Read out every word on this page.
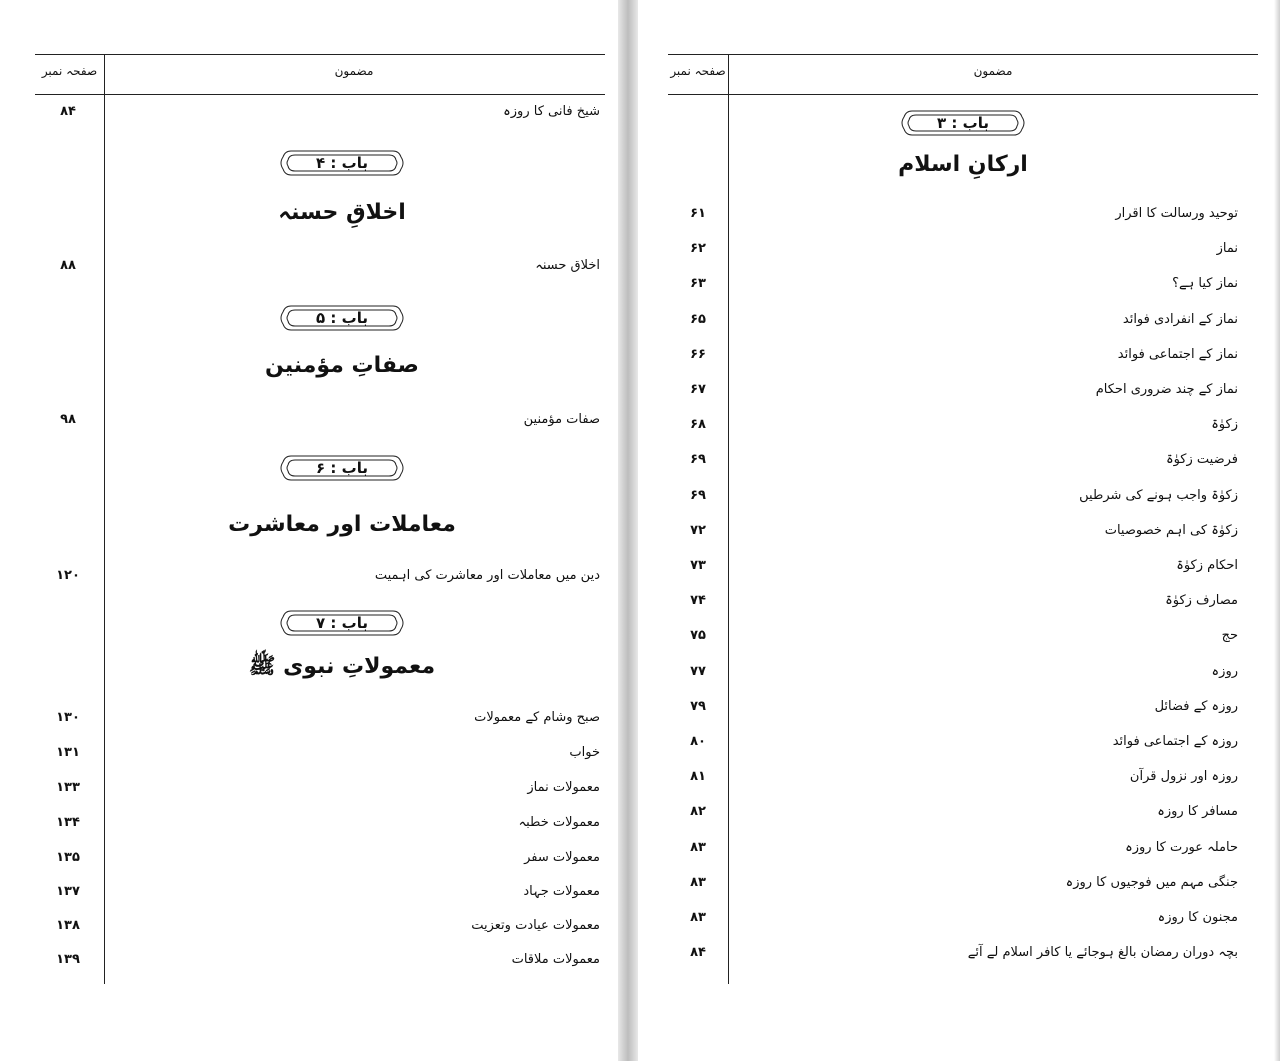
مضمون
صفحہ نمبر
شیخ فانی کا روزہ
۸۴
باب : ۴
اخلاقِ حسنہ
اخلاق حسنہ
۸۸
باب : ۵
صفاتِ مؤمنین
صفات مؤمنین
۹۸
باب : ۶
معاملات اور معاشرت
دین میں معاملات اور معاشرت کی اہمیت
۱۲۰
باب : ۷
معمولاتِ نبوی ﷺ
صبح وشام کے معمولات
۱۳۰
خواب
۱۳۱
معمولات نماز
۱۳۳
معمولات خطبہ
۱۳۴
معمولات سفر
۱۳۵
معمولات جہاد
۱۳۷
معمولات عیادت وتعزیت
۱۳۸
معمولات ملاقات
۱۳۹
مضمون
صفحہ نمبر
باب : ۳
ارکانِ اسلام
توحید ورسالت کا اقرار
۶۱
نماز
۶۲
نماز کیا ہے؟
۶۳
نماز کے انفرادی فوائد
۶۵
نماز کے اجتماعی فوائد
۶۶
نماز کے چند ضروری احکام
۶۷
زکوٰۃ
۶۸
فرضیت زکوٰۃ
۶۹
زکوٰۃ واجب ہونے کی شرطیں
۶۹
زکوٰۃ کی اہم خصوصیات
۷۲
احکام زکوٰۃ
۷۳
مصارف زکوٰۃ
۷۴
حج
۷۵
روزہ
۷۷
روزہ کے فضائل
۷۹
روزہ کے اجتماعی فوائد
۸۰
روزہ اور نزول قرآن
۸۱
مسافر کا روزہ
۸۲
حاملہ عورت کا روزہ
۸۳
جنگی مہم میں فوجیوں کا روزہ
۸۳
مجنون کا روزہ
۸۳
بچہ دوران رمضان بالغ ہوجائے یا کافر اسلام لے آئے
۸۴
